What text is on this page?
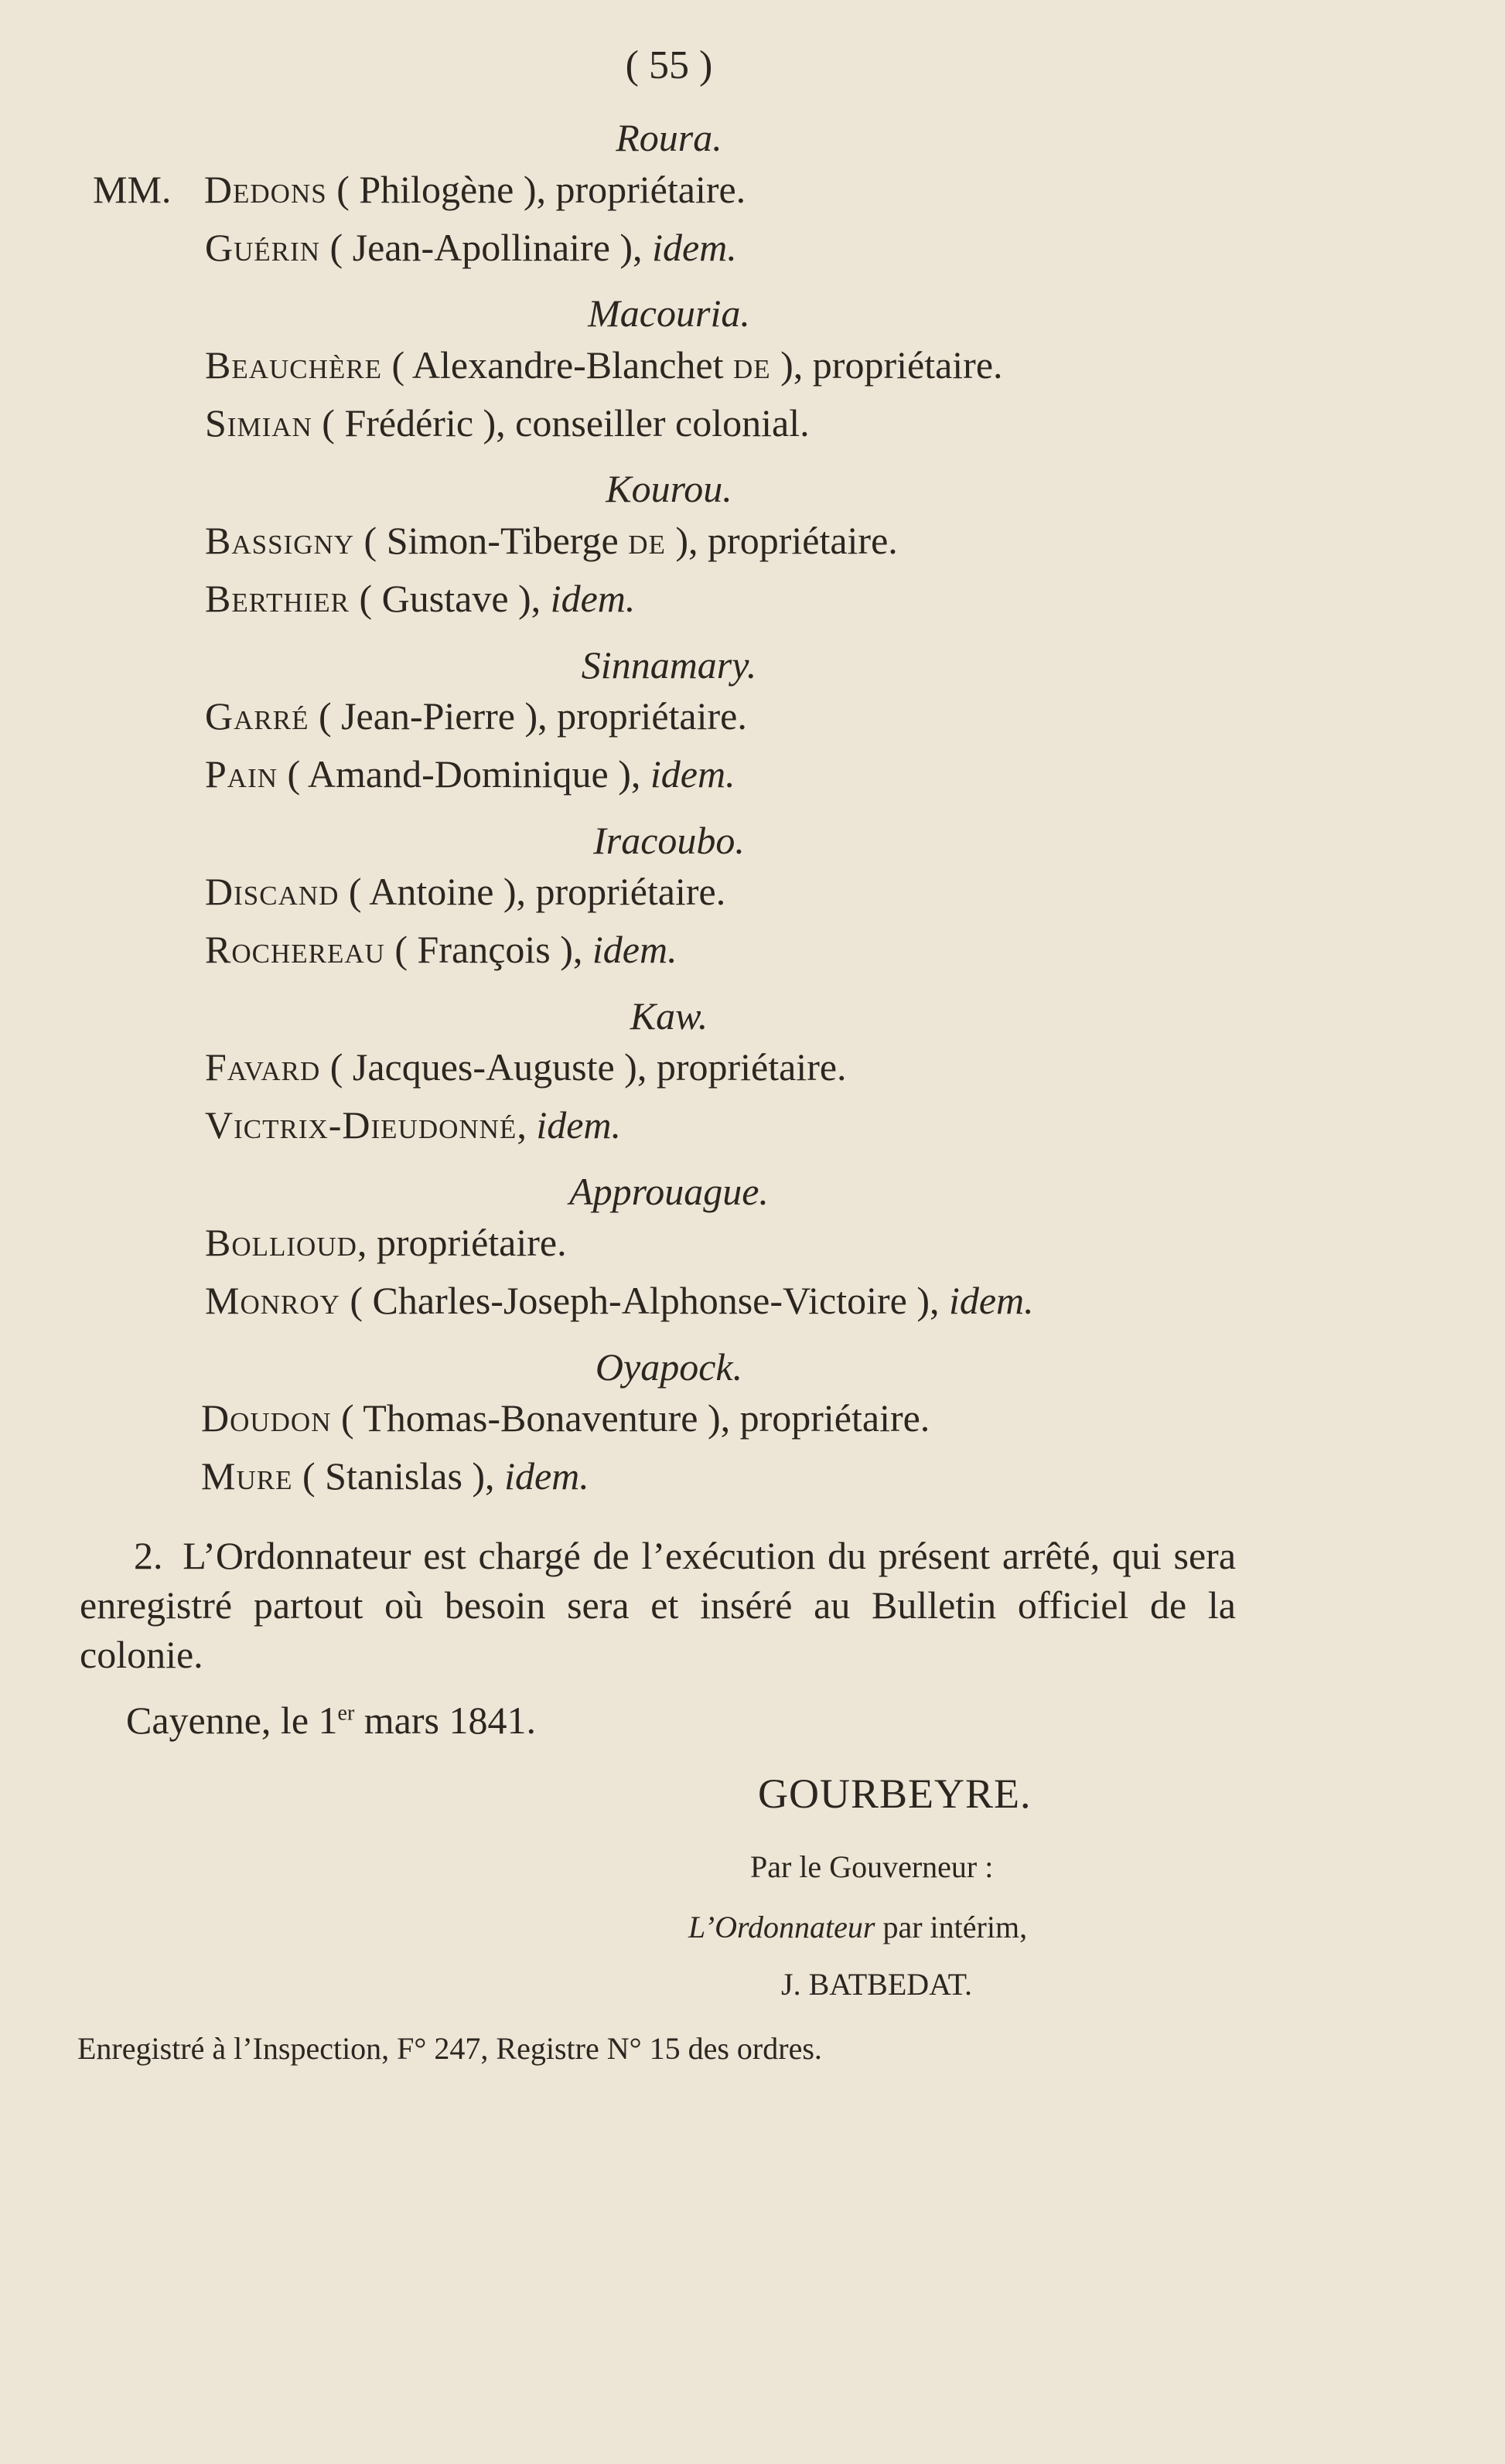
( 55 )
Roura.
MM. Dedons ( Philogène ), propriétaire.
Guérin ( Jean-Apollinaire ), idem.
Macouria.
Beauchère ( Alexandre-Blanchet de ), propriétaire.
Simian ( Frédéric ), conseiller colonial.
Kourou.
Bassigny ( Simon-Tiberge de ), propriétaire.
Berthier ( Gustave ), idem.
Sinnamary.
Garré ( Jean-Pierre ), propriétaire.
Pain ( Amand-Dominique ), idem.
Iracoubo.
Discand ( Antoine ), propriétaire.
Rochereau ( François ), idem.
Kaw.
Favard ( Jacques-Auguste ), propriétaire.
Victrix-Dieudonné, idem.
Approuague.
Bollioud, propriétaire.
Monroy ( Charles-Joseph-Alphonse-Victoire ), idem.
Oyapock.
Doudon ( Thomas-Bonaventure ), propriétaire.
Mure ( Stanislas ), idem.
2. L’Ordonnateur est chargé de l’exécution du présent arrêté, qui sera enregistré partout où besoin sera et inséré au Bulletin officiel de la colonie.
Cayenne, le 1er mars 1841.
GOURBEYRE.
Par le Gouverneur :
L’Ordonnateur par intérim,
J. BATBEDAT.
Enregistré à l’Inspection, F° 247, Registre N° 15 des ordres.
